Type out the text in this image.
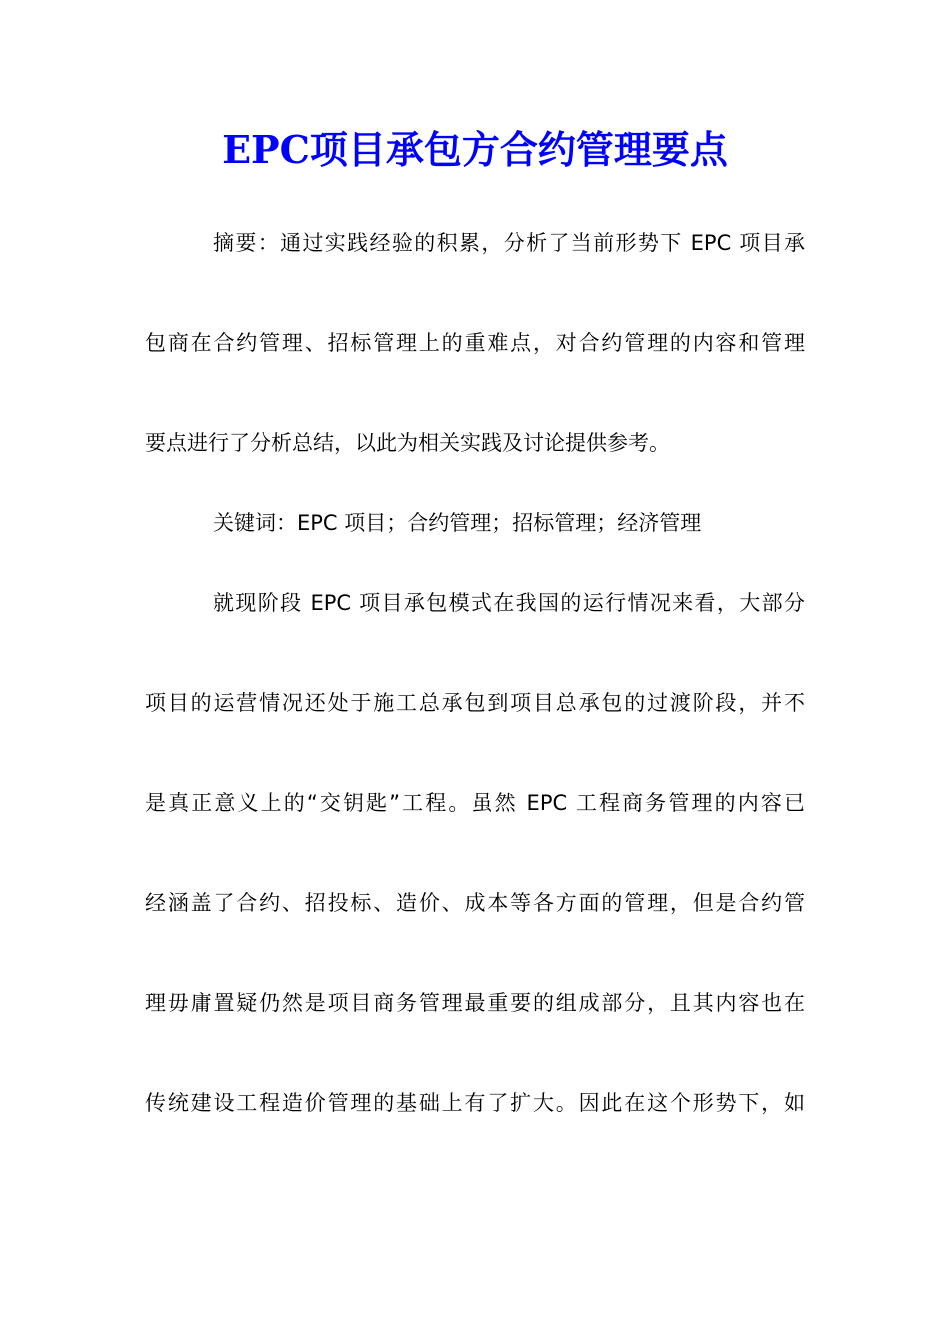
EPC项目承包方合约管理要点
摘要：通过实践经验的积累，分析了当前形势下 EPC 项目承
包商在合约管理、招标管理上的重难点，对合约管理的内容和管理
要点进行了分析总结，以此为相关实践及讨论提供参考。
关键词：EPC 项目；合约管理；招标管理；经济管理
就现阶段 EPC 项目承包模式在我国的运行情况来看，大部分
项目的运营情况还处于施工总承包到项目总承包的过渡阶段，并不
是真正意义上的“交钥匙”工程。虽然 EPC 工程商务管理的内容已
经涵盖了合约、招投标、造价、成本等各方面的管理，但是合约管
理毋庸置疑仍然是项目商务管理最重要的组成部分，且其内容也在
传统建设工程造价管理的基础上有了扩大。因此在这个形势下，如
